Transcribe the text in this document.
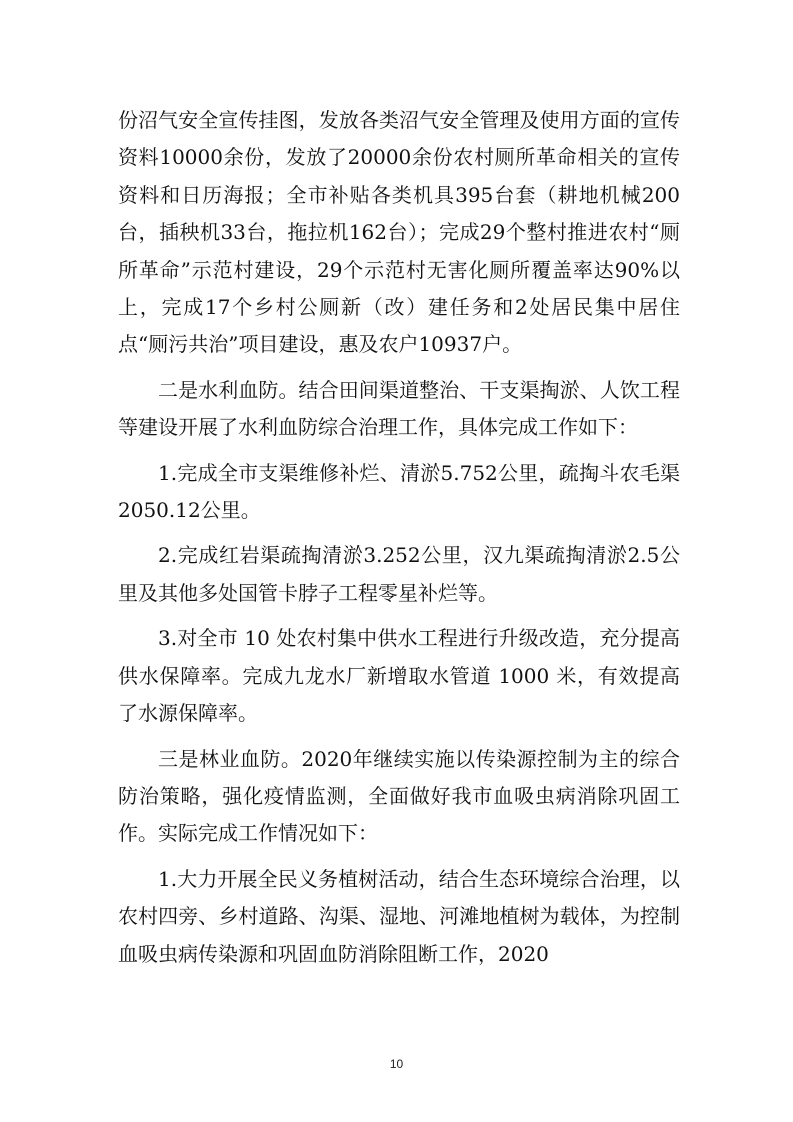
份沼气安全宣传挂图，发放各类沼气安全管理及使用方面的宣传资料10000余份，发放了20000余份农村厕所革命相关的宣传资料和日历海报；全市补贴各类机具395台套（耕地机械200台，插秧机33台，拖拉机162台）；完成29个整村推进农村“厕所革命”示范村建设，29个示范村无害化厕所覆盖率达90%以上，完成17个乡村公厕新（改）建任务和2处居民集中居住点“厕污共治”项目建设，惠及农户10937户。

二是水利血防。结合田间渠道整治、干支渠掏淤、人饮工程等建设开展了水利血防综合治理工作，具体完成工作如下：

1.完成全市支渠维修补烂、清淤5.752公里，疏掏斗农毛渠2050.12公里。

2.完成红岩渠疏掏清淤3.252公里，汉九渠疏掏清淤2.5公里及其他多处国管卡脖子工程零星补烂等。

3.对全市 10 处农村集中供水工程进行升级改造，充分提高供水保障率。完成九龙水厂新增取水管道 1000 米，有效提高了水源保障率。

三是林业血防。2020年继续实施以传染源控制为主的综合防治策略，强化疫情监测，全面做好我市血吸虫病消除巩固工作。实际完成工作情况如下：

1.大力开展全民义务植树活动，结合生态环境综合治理，以农村四旁、乡村道路、沟渠、湿地、河滩地植树为载体，为控制血吸虫病传染源和巩固血防消除阻断工作，2020

10
